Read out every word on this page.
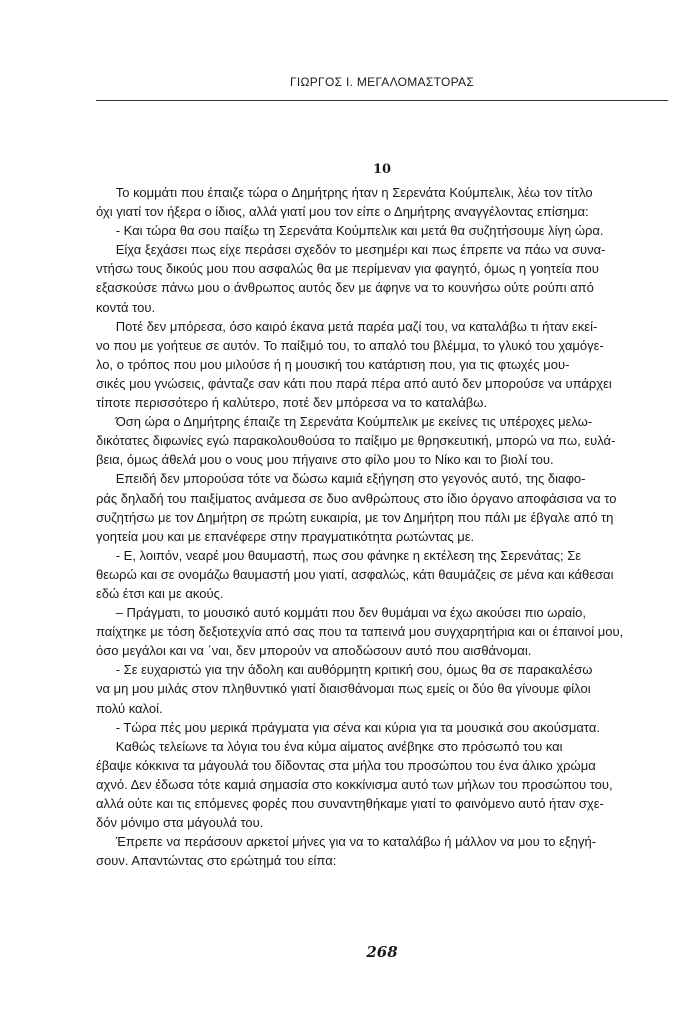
ΓΙΩΡΓΟΣ Ι. ΜΕΓΑΛΟΜΑΣΤΟΡΑΣ
10
Το κομμάτι που έπαιζε τώρα ο Δημήτρης ήταν η Σερενάτα Κούμπελικ, λέω τον τίτλο
όχι γιατί τον ήξερα ο ίδιος, αλλά γιατί μου τον είπε ο Δημήτρης αναγγέλοντας επίσημα:
- Και τώρα θα σου παίξω τη Σερενάτα Κούμπελικ και μετά θα συζητήσουμε λίγη ώρα.
Είχα ξεχάσει πως είχε περάσει σχεδόν το μεσημέρι και πως έπρεπε να πάω να συνα-
ντήσω τους δικούς μου που ασφαλώς θα με περίμεναν για φαγητό, όμως η γοητεία που
εξασκούσε πάνω μου ο άνθρωπος αυτός δεν με άφηνε να το κουνήσω ούτε ρούπι από
κοντά του.
Ποτέ δεν μπόρεσα, όσο καιρό έκανα μετά παρέα μαζί του, να καταλάβω τι ήταν εκεί-
νο που με γοήτευε σε αυτόν. Το παίξιμό του, το απαλό του βλέμμα, το γλυκό του χαμόγε-
λο, ο τρόπος που μου μιλούσε ή η μουσική του κατάρτιση που, για τις φτωχές μου-
σικές μου γνώσεις, φάνταζε σαν κάτι που παρά πέρα από αυτό δεν μπορούσε να υπάρχει
τίποτε περισσότερο ή καλύτερο, ποτέ δεν μπόρεσα να το καταλάβω.
Όση ώρα ο Δημήτρης έπαιζε τη Σερενάτα Κούμπελικ με εκείνες τις υπέροχες μελω-
δικότατες διφωνίες εγώ παρακολουθούσα το παίξιμο με θρησκευτική, μπορώ να πω, ευλά-
βεια, όμως άθελά μου ο νους μου πήγαινε στο φίλο μου το Νίκο και το βιολί του.
Επειδή δεν μπορούσα τότε να δώσω καμιά εξήγηση στο γεγονός αυτό, της διαφο-
ράς δηλαδή του παιξίματος ανάμεσα σε δυο ανθρώπους στο ίδιο όργανο αποφάσισα να το
συζητήσω με τον Δημήτρη σε πρώτη ευκαιρία, με τον Δημήτρη που πάλι με έβγαλε από τη
γοητεία μου και με επανέφερε στην πραγματικότητα ρωτώντας με.
- Ε, λοιπόν, νεαρέ μου θαυμαστή, πως σου φάνηκε η εκτέλεση της Σερενάτας; Σε
θεωρώ και σε ονομάζω θαυμαστή μου γιατί, ασφαλώς, κάτι θαυμάζεις σε μένα και κάθεσαι
εδώ έτσι και με ακούς.
– Πράγματι, το μουσικό αυτό κομμάτι που δεν θυμάμαι να έχω ακούσει πιο ωραίο,
παίχτηκε με τόση δεξιοτεχνία από σας που τα ταπεινά μου συγχαρητήρια και οι έπαινοί μου,
όσο μεγάλοι και να ΄ναι, δεν μπορούν να αποδώσουν αυτό που αισθάνομαι.
- Σε ευχαριστώ για την άδολη και αυθόρμητη κριτική σου, όμως θα σε παρακαλέσω
να μη μου μιλάς στον πληθυντικό γιατί διαισθάνομαι πως εμείς οι δύο θα γίνουμε φίλοι
πολύ καλοί.
- Τώρα πές μου μερικά πράγματα για σένα και κύρια για τα μουσικά σου ακούσματα.
Καθώς τελείωνε τα λόγια του ένα κύμα αίματος ανέβηκε στο πρόσωπό του και
έβαψε κόκκινα τα μάγουλά του δίδοντας στα μήλα του προσώπου του ένα άλικο χρώμα
αχνό. Δεν έδωσα τότε καμιά σημασία στο κοκκίνισμα αυτό των μήλων του προσώπου του,
αλλά ούτε και τις επόμενες φορές που συναντηθήκαμε γιατί το φαινόμενο αυτό ήταν σχε-
δόν μόνιμο στα μάγουλά του.
Έπρεπε να περάσουν αρκετοί μήνες για να το καταλάβω ή μάλλον να μου το εξηγή-
σουν. Απαντώντας στο ερώτημά του είπα:
268
